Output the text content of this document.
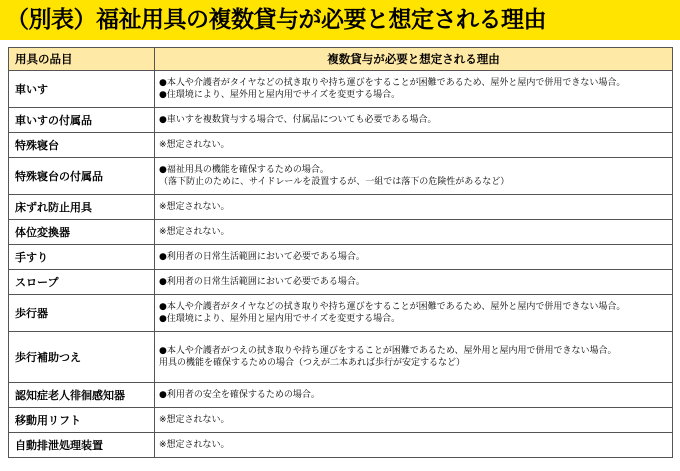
（別表）福祉用具の複数貸与が必要と想定される理由
用具の品目	複数貸与が必要と想定される理由
車いす	●本人や介護者がタイヤなどの拭き取りや持ち運びをすることが困難であるため、屋外と屋内で併用できない場合。
●住環境により、屋外用と屋内用でサイズを変更する場合。

車いすの付属品	●車いすを複数貸与する場合で、付属品についても必要である場合。

特殊寝台	※想定されない。

特殊寝台の付属品	●福祉用具の機能を確保するための場合。
（落下防止のために、サイドレールを設置するが、一組では落下の危険性があるなど）

床ずれ防止用具	※想定されない。

体位変換器	※想定されない。

手すり	●利用者の日常生活範囲において必要である場合。

スロープ	●利用者の日常生活範囲において必要である場合。

歩行器	●本人や介護者がタイヤなどの拭き取りや持ち運びをすることが困難であるため、屋外と屋内で併用できない場合。
●住環境により、屋外用と屋内用でサイズを変更する場合。

歩行補助つえ	●本人や介護者がつえの拭き取りや持ち運びをすることが困難であるため、屋外用と屋内用で併用できない場合。
用具の機能を確保するための場合（つえが二本あれば歩行が安定するなど）

認知症老人徘徊感知器	●利用者の安全を確保するための場合。

移動用リフト	※想定されない。

自動排泄処理装置	※想定されない。
